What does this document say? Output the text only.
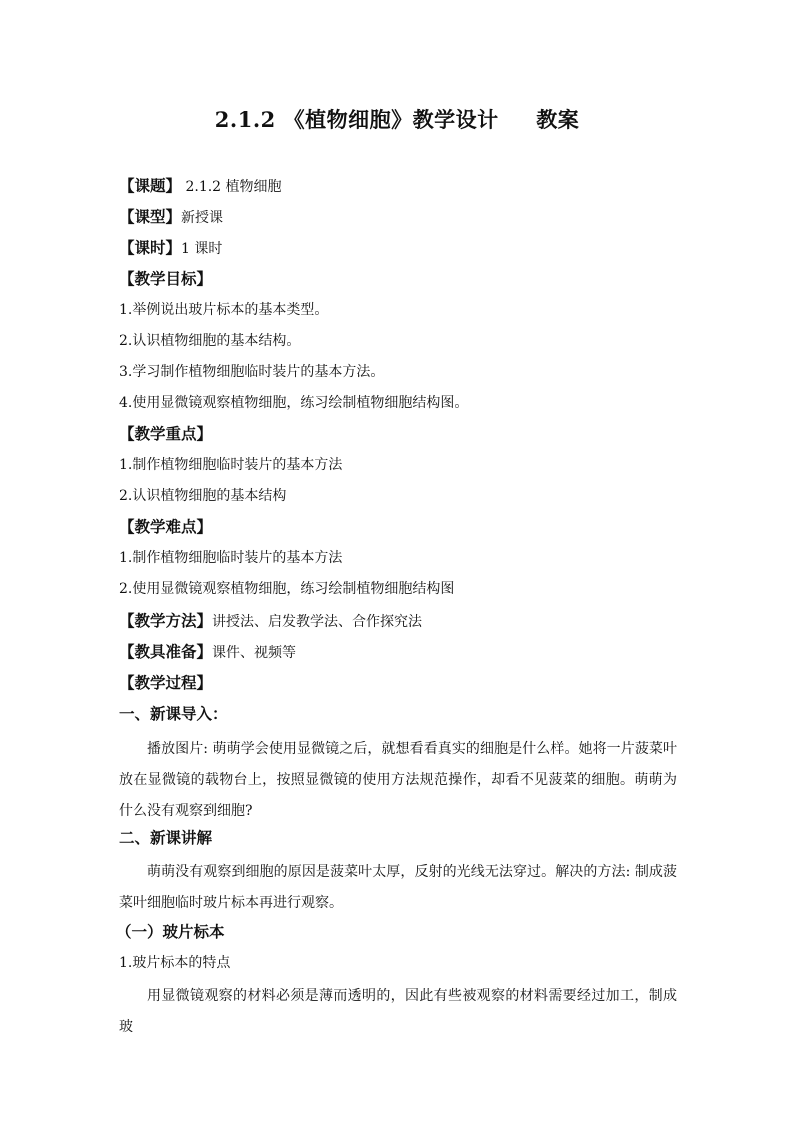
2.1.2 《植物细胞》教学设计 教案
【课题】 2.1.2 植物细胞
【课型】新授课
【课时】1 课时
【教学目标】
1.举例说出玻片标本的基本类型。
2.认识植物细胞的基本结构。
3.学习制作植物细胞临时装片的基本方法。
4.使用显微镜观察植物细胞，练习绘制植物细胞结构图。
【教学重点】
1.制作植物细胞临时装片的基本方法
2.认识植物细胞的基本结构
【教学难点】
1.制作植物细胞临时装片的基本方法
2.使用显微镜观察植物细胞，练习绘制植物细胞结构图
【教学方法】讲授法、启发教学法、合作探究法
【教具准备】课件、视频等
【教学过程】
一、新课导入：
播放图片: 萌萌学会使用显微镜之后，就想看看真实的细胞是什么样。她将一片菠菜叶放在显微镜的载物台上，按照显微镜的使用方法规范操作，却看不见菠菜的细胞。萌萌为什么没有观察到细胞?
二、新课讲解
萌萌没有观察到细胞的原因是菠菜叶太厚，反射的光线无法穿过。解决的方法: 制成菠菜叶细胞临时玻片标本再进行观察。
（一）玻片标本
1.玻片标本的特点
用显微镜观察的材料必须是薄而透明的，因此有些被观察的材料需要经过加工，制成玻
